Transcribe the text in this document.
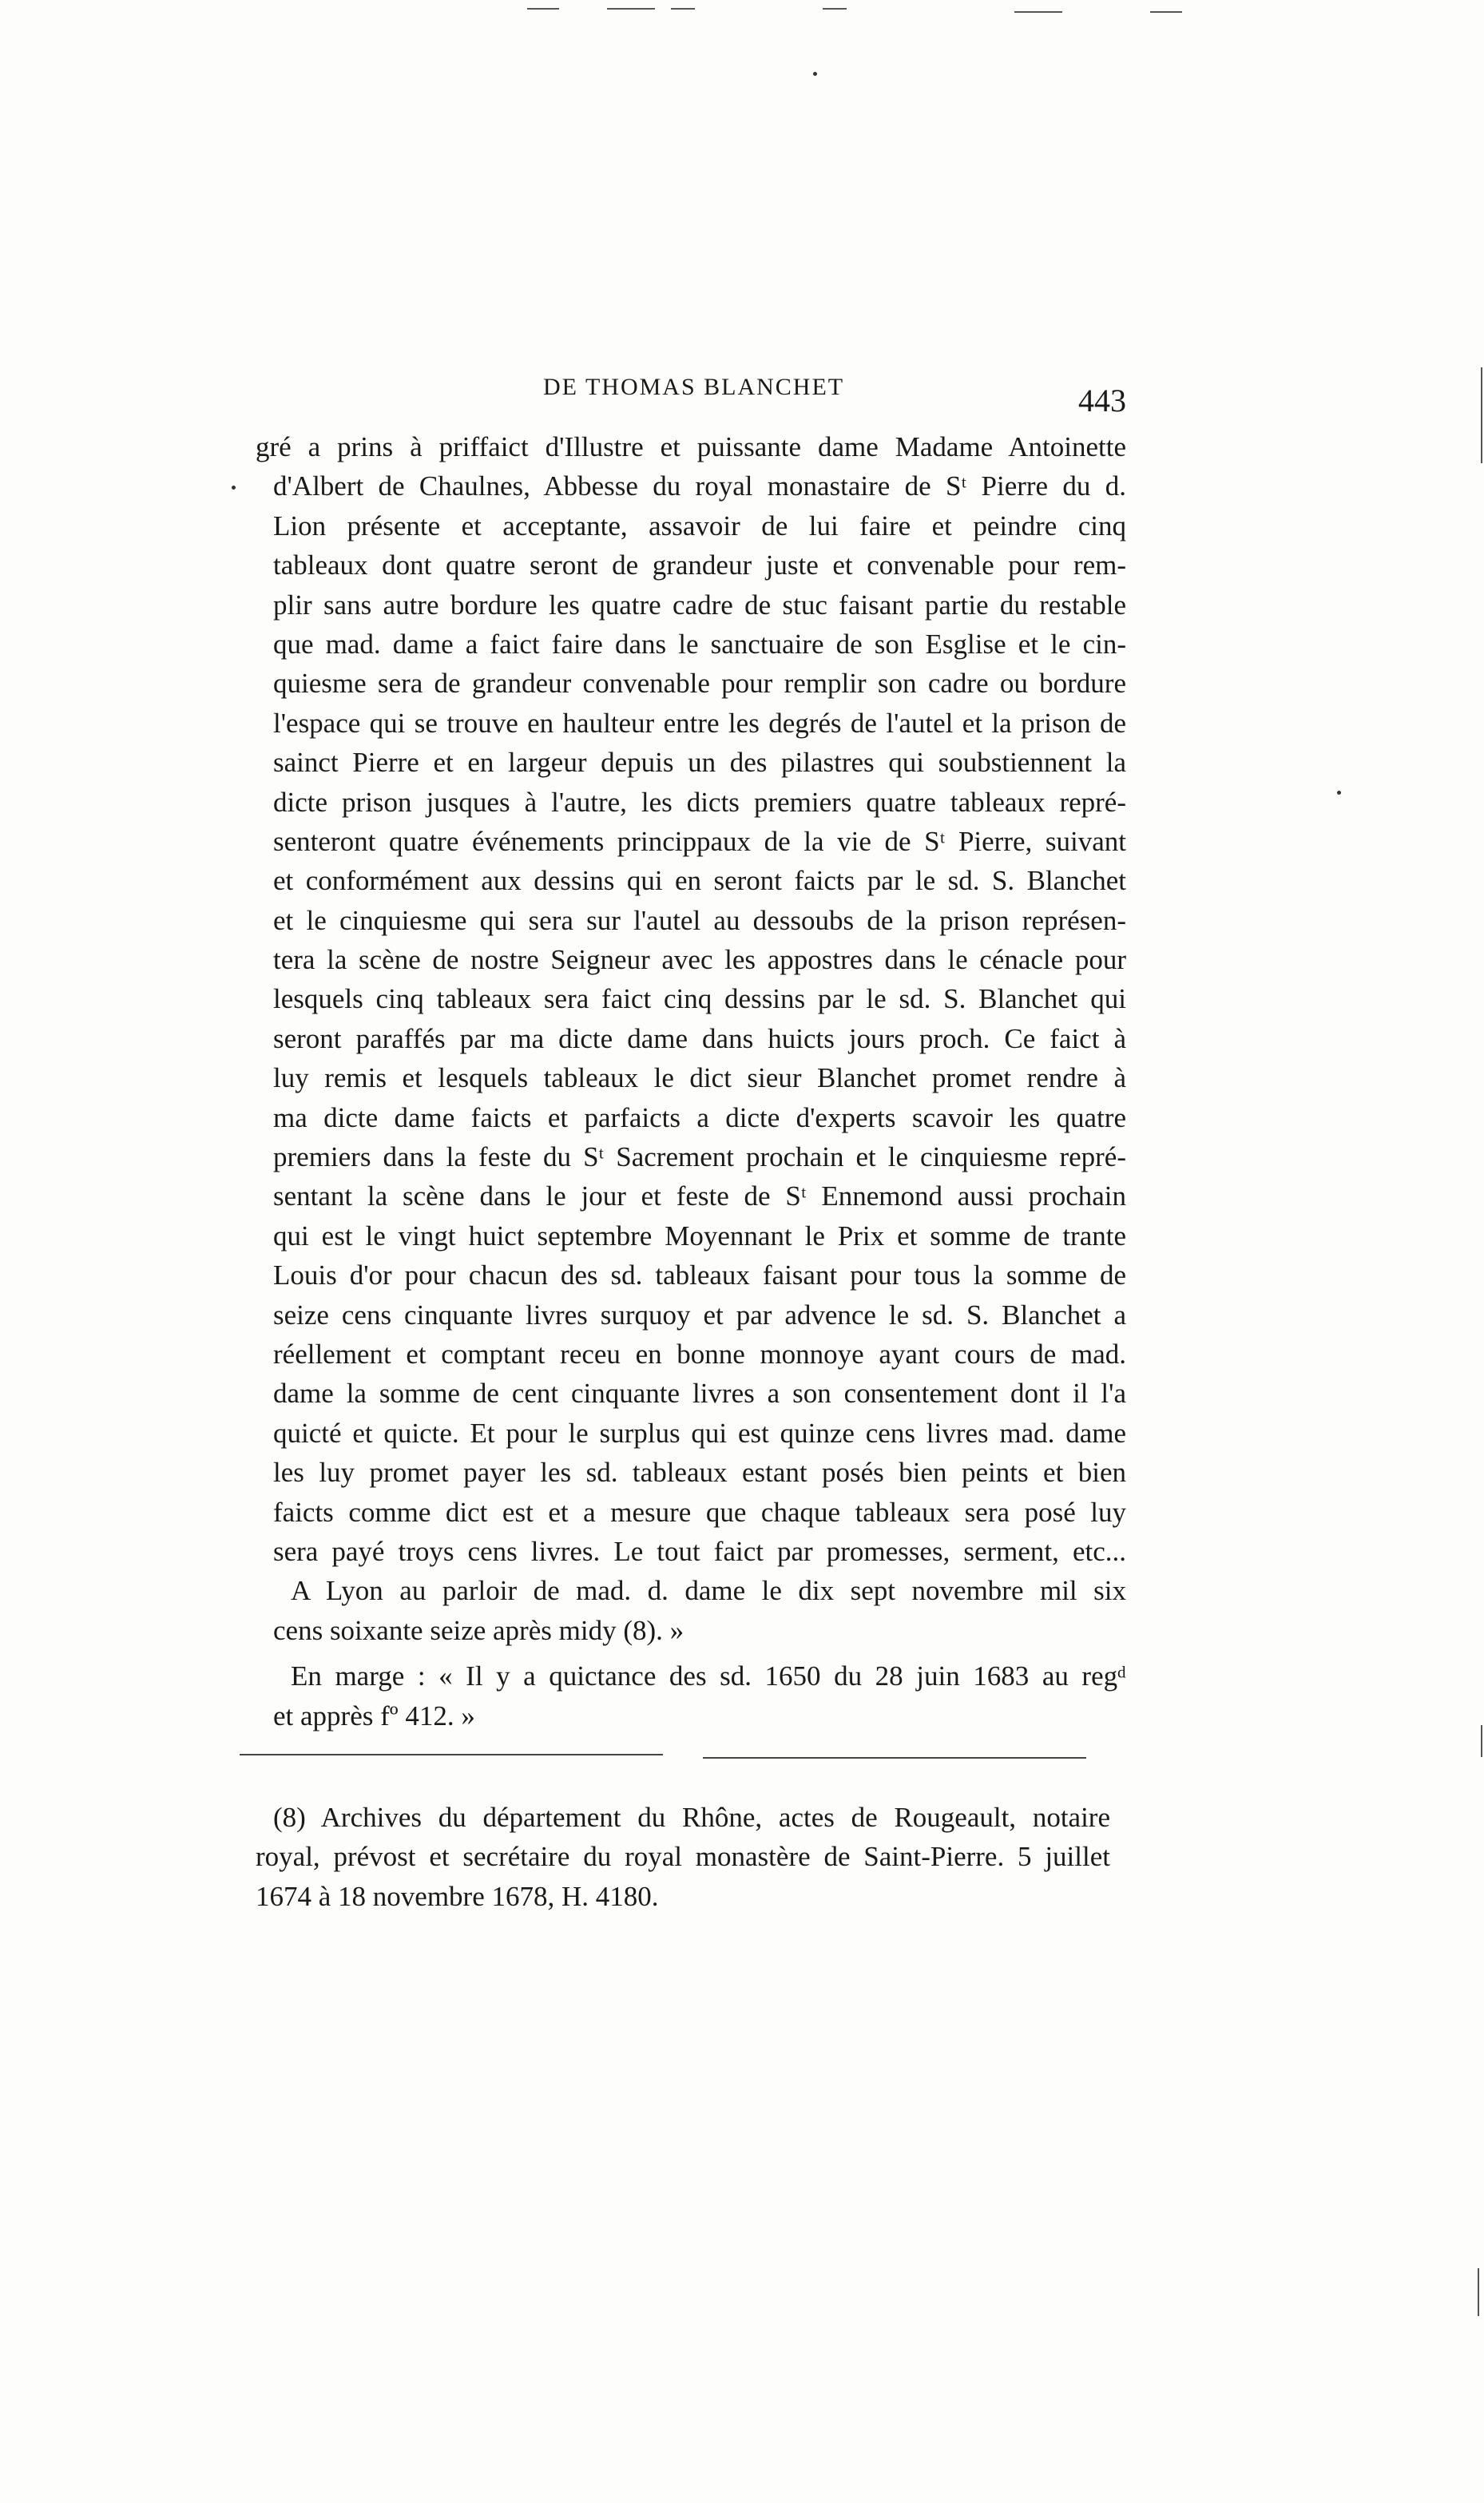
DE THOMAS BLANCHET	443
gré a prins à priffaict d'Illustre et puissante dame Madame Antoinette
d'Albert de Chaulnes, Abbesse du royal monastaire de Sᵗ Pierre du d.
Lion présente et acceptante, assavoir de lui faire et peindre cinq
tableaux dont quatre seront de grandeur juste et convenable pour rem-
plir sans autre bordure les quatre cadre de stuc faisant partie du restable
que mad. dame a faict faire dans le sanctuaire de son Esglise et le cin-
quiesme sera de grandeur convenable pour remplir son cadre ou bordure
l'espace qui se trouve en haulteur entre les degrés de l'autel et la prison de
sainct Pierre et en largeur depuis un des pilastres qui soubstiennent la
dicte prison jusques à l'autre, les dicts premiers quatre tableaux repré-
senteront quatre événements princippaux de la vie de Sᵗ Pierre, suivant
et conformément aux dessins qui en seront faicts par le sd. S. Blanchet
et le cinquiesme qui sera sur l'autel au dessoubs de la prison représen-
tera la scène de nostre Seigneur avec les appostres dans le cénacle pour
lesquels cinq tableaux sera faict cinq dessins par le sd. S. Blanchet qui
seront paraffés par ma dicte dame dans huicts jours proch. Ce faict à
luy remis et lesquels tableaux le dict sieur Blanchet promet rendre à
ma dicte dame faicts et parfaicts a dicte d'experts scavoir les quatre
premiers dans la feste du Sᵗ Sacrement prochain et le cinquiesme repré-
sentant la scène dans le jour et feste de Sᵗ Ennemond aussi prochain
qui est le vingt huict septembre Moyennant le Prix et somme de trante
Louis d'or pour chacun des sd. tableaux faisant pour tous la somme de
seize cens cinquante livres surquoy et par advence le sd. S. Blanchet a
réellement et comptant receu en bonne monnoye ayant cours de mad.
dame la somme de cent cinquante livres a son consentement dont il l'a
quicté et quicte. Et pour le surplus qui est quinze cens livres mad. dame
les luy promet payer les sd. tableaux estant posés bien peints et bien
faicts comme dict est et a mesure que chaque tableaux sera posé luy
sera payé troys cens livres. Le tout faict par promesses, serment, etc...
A Lyon au parloir de mad. d. dame le dix sept novembre mil six
cens soixante seize après midy (8). »
En marge : « Il y a quictance des sd. 1650 du 28 juin 1683 au regᵈ
et apprès fº 412. »
(8) Archives du département du Rhône, actes de Rougeault, notaire
royal, prévost et secrétaire du royal monastère de Saint-Pierre. 5 juillet
1674 à 18 novembre 1678, H. 4180.
